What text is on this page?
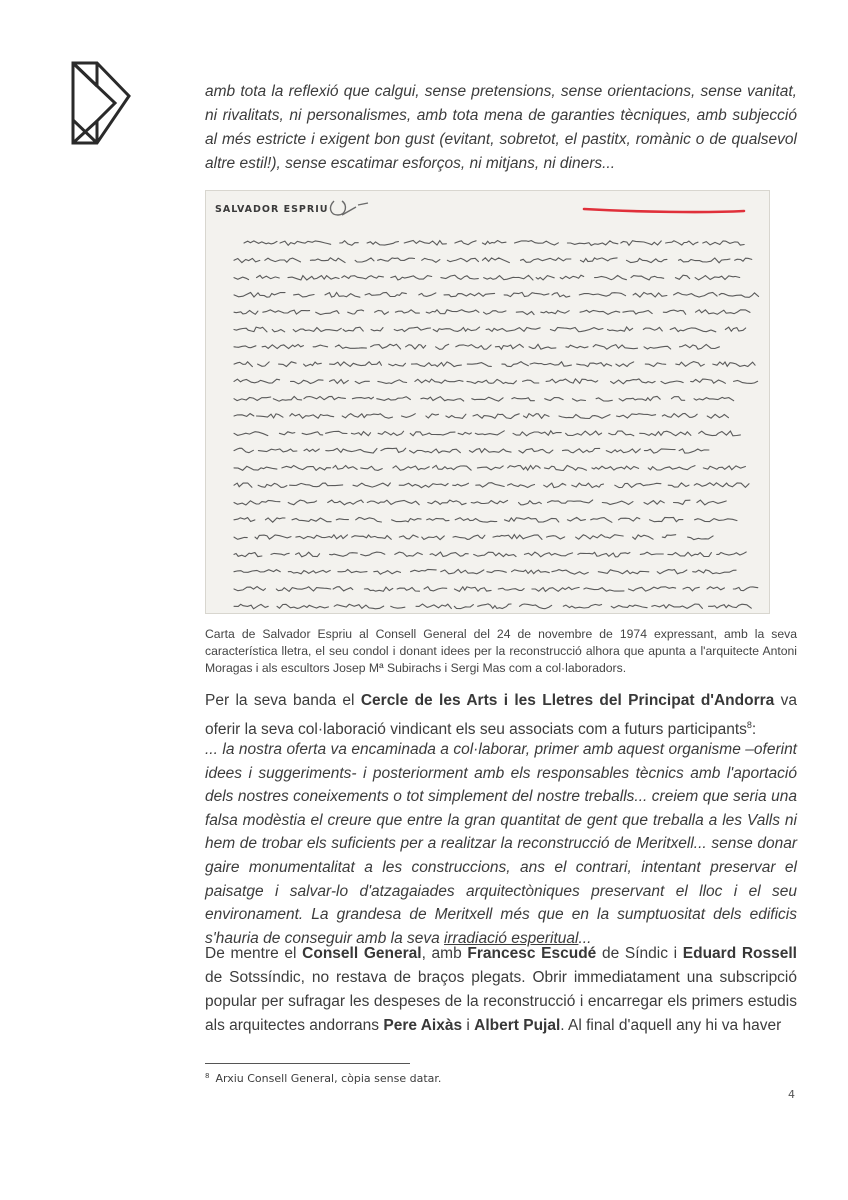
amb tota la reflexió que calgui, sense pretensions, sense orientacions, sense vanitat, ni rivalitats, ni personalismes, amb tota mena de garanties tècniques, amb subjecció al més estricte i exigent bon gust (evitant, sobretot, el pastitx, romànic o de qualsevol altre estil!), sense escatimar esforços, ni mitjans, ni diners...

SALVADOR ESPRIU

Carta de Salvador Espriu al Consell General del 24 de novembre de 1974 expressant, amb la seva característica lletra, el seu condol i donant idees per la reconstrucció alhora que apunta a l'arquitecte Antoni Moragas i als escultors Josep Mª Subirachs i Sergi Mas com a col·laboradors.

Per la seva banda el Cercle de les Arts i les Lletres del Principat d'Andorra va oferir la seva col·laboració vindicant els seu associats com a futurs participants$^8$:

... la nostra oferta va encaminada a col·laborar, primer amb aquest organisme –oferint idees i suggeriments- i posteriorment amb els responsables tècnics amb l'aportació dels nostres coneixements o tot simplement del nostre treballs... creiem que seria una falsa modèstia el creure que entre la gran quantitat de gent que treballa a les Valls ni hem de trobar els suficients per a realitzar la reconstrucció de Meritxell... sense donar gaire monumentalitat a les construccions, ans el contrari, intentant preservar el paisatge i salvar-lo d'atzagaiades arquitectòniques preservant el lloc i el seu environament. La grandesa de Meritxell més que en la sumptuositat dels edificis s'hauria de conseguir amb la seva irradiació esperitual...

De mentre el Consell General, amb Francesc Escudé de Síndic i Eduard Rossell de Sotssíndic, no restava de braços plegats. Obrir immediatament una subscripció popular per sufragar les despeses de la reconstrucció i encarregar els primers estudis als arquitectes andorrans Pere Aixàs i Albert Pujal. Al final d'aquell any hi va haver

$^8$ Arxiu Consell General, còpia sense datar.

4
